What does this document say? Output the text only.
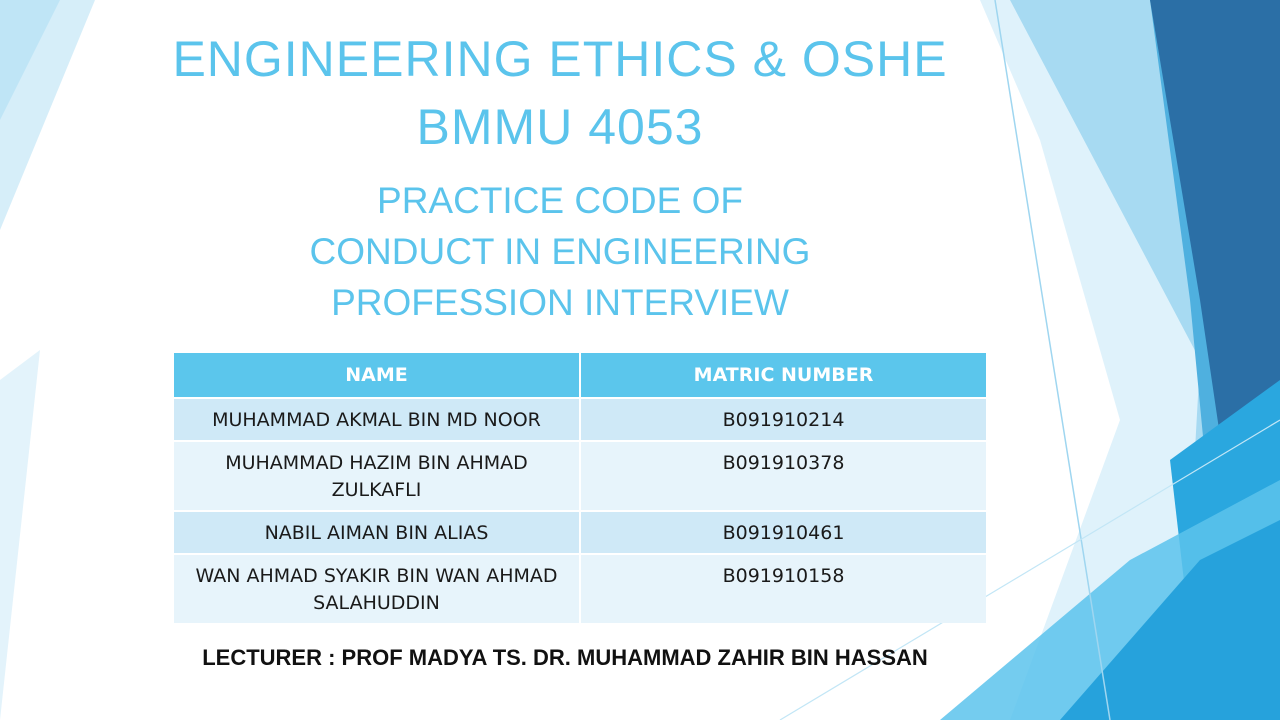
ENGINEERING ETHICS & OSHE
BMMU 4053
PRACTICE CODE OF
CONDUCT IN ENGINEERING
PROFESSION INTERVIEW
NAME	MATRIC NUMBER
MUHAMMAD AKMAL BIN MD NOOR	B091910214
MUHAMMAD HAZIM BIN AHMAD ZULKAFLI	B091910378
NABIL AIMAN BIN ALIAS	B091910461
WAN AHMAD SYAKIR BIN WAN AHMAD SALAHUDDIN	B091910158

LECTURER : PROF MADYA TS. DR. MUHAMMAD ZAHIR BIN HASSAN
